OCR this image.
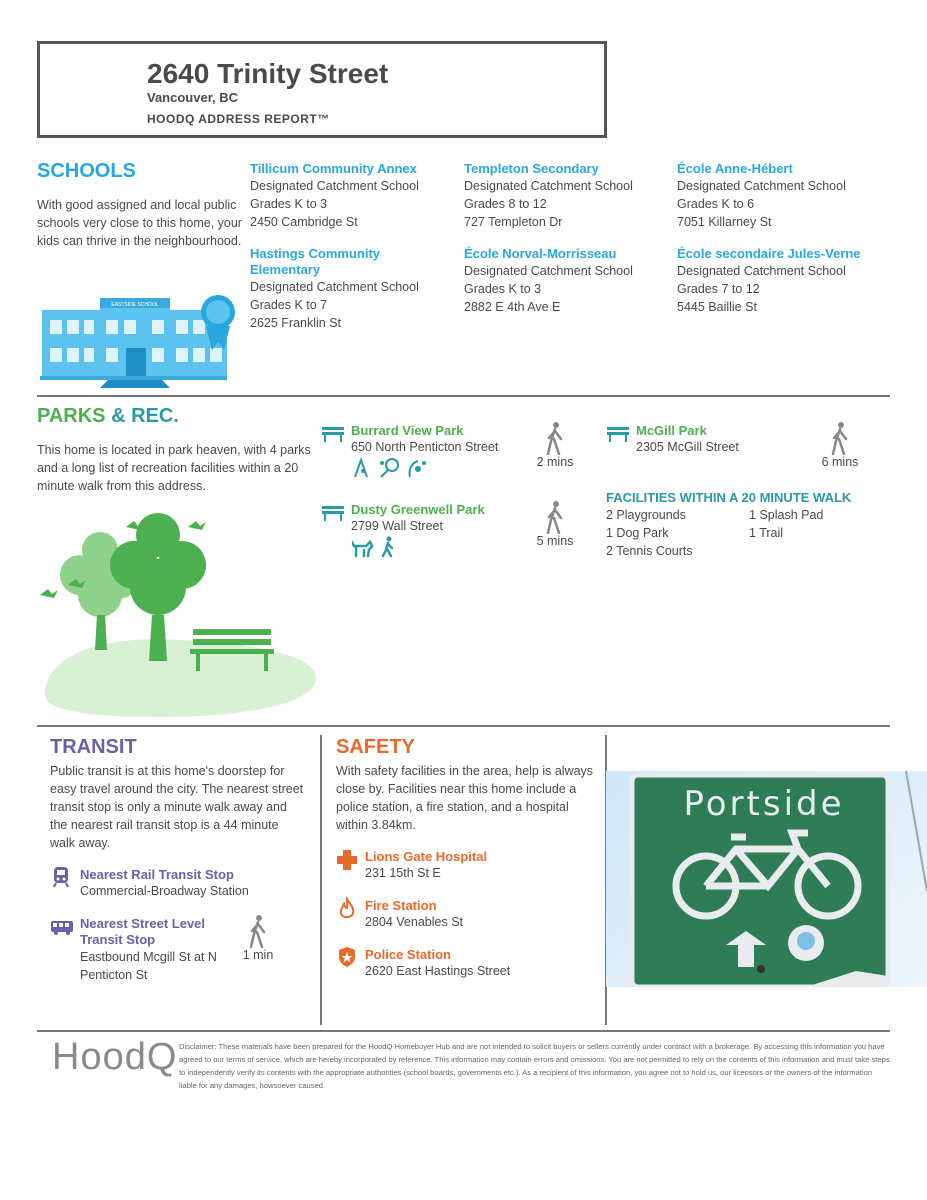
2640 Trinity Street
Vancouver, BC
HOODQ ADDRESS REPORT™
SCHOOLS
With good assigned and local public schools very close to this home, your kids can thrive in the neighbourhood.
EASTSIDE SCHOOL
Tillicum Community Annex
Designated Catchment School
Grades K to 3
2450 Cambridge St
Templeton Secondary
Designated Catchment School
Grades 8 to 12
727 Templeton Dr
École Anne-Hébert
Designated Catchment School
Grades K to 6
7051 Killarney St
Hastings Community Elementary
Designated Catchment School
Grades K to 7
2625 Franklin St
École Norval-Morrisseau
Designated Catchment School
Grades K to 3
2882 E 4th Ave E
École secondaire Jules-Verne
Designated Catchment School
Grades 7 to 12
5445 Baillie St
PARKS & REC.
This home is located in park heaven, with 4 parks and a long list of recreation facilities within a 20 minute walk from this address.
Burrard View Park
650 North Penticton Street
2 mins
McGill Park
2305 McGill Street
6 mins
Dusty Greenwell Park
2799 Wall Street
5 mins
FACILITIES WITHIN A 20 MINUTE WALK
2 Playgrounds
1 Dog Park
2 Tennis Courts
1 Splash Pad
1 Trail
TRANSIT
Public transit is at this home's doorstep for easy travel around the city. The nearest street transit stop is only a minute walk away and the nearest rail transit stop is a 44 minute walk away.
Nearest Rail Transit Stop
Commercial-Broadway Station
Nearest Street Level Transit Stop
Eastbound Mcgill St at N Penticton St
1 min
SAFETY
With safety facilities in the area, help is always close by. Facilities near this home include a police station, a fire station, and a hospital within 3.84km.
Lions Gate Hospital
231 15th St E
Fire Station
2804 Venables St
Police Station
2620 East Hastings Street
Portside
HoodQ Disclaimer: These materials have been prepared for the HoodQ Homebuyer Hub and are not intended to solicit buyers or sellers currently under contract with a brokerage. By accessing this information you have agreed to our terms of service, which are hereby incorporated by reference. This information may contain errors and omissions. You are not permitted to rely on the contents of this information and must take steps to independently verify its contents with the appropriate authorities (school boards, governments etc.). As a recipient of this information, you agree not to hold us, our licensors or the owners of the information liable for any damages, howsoever caused.
